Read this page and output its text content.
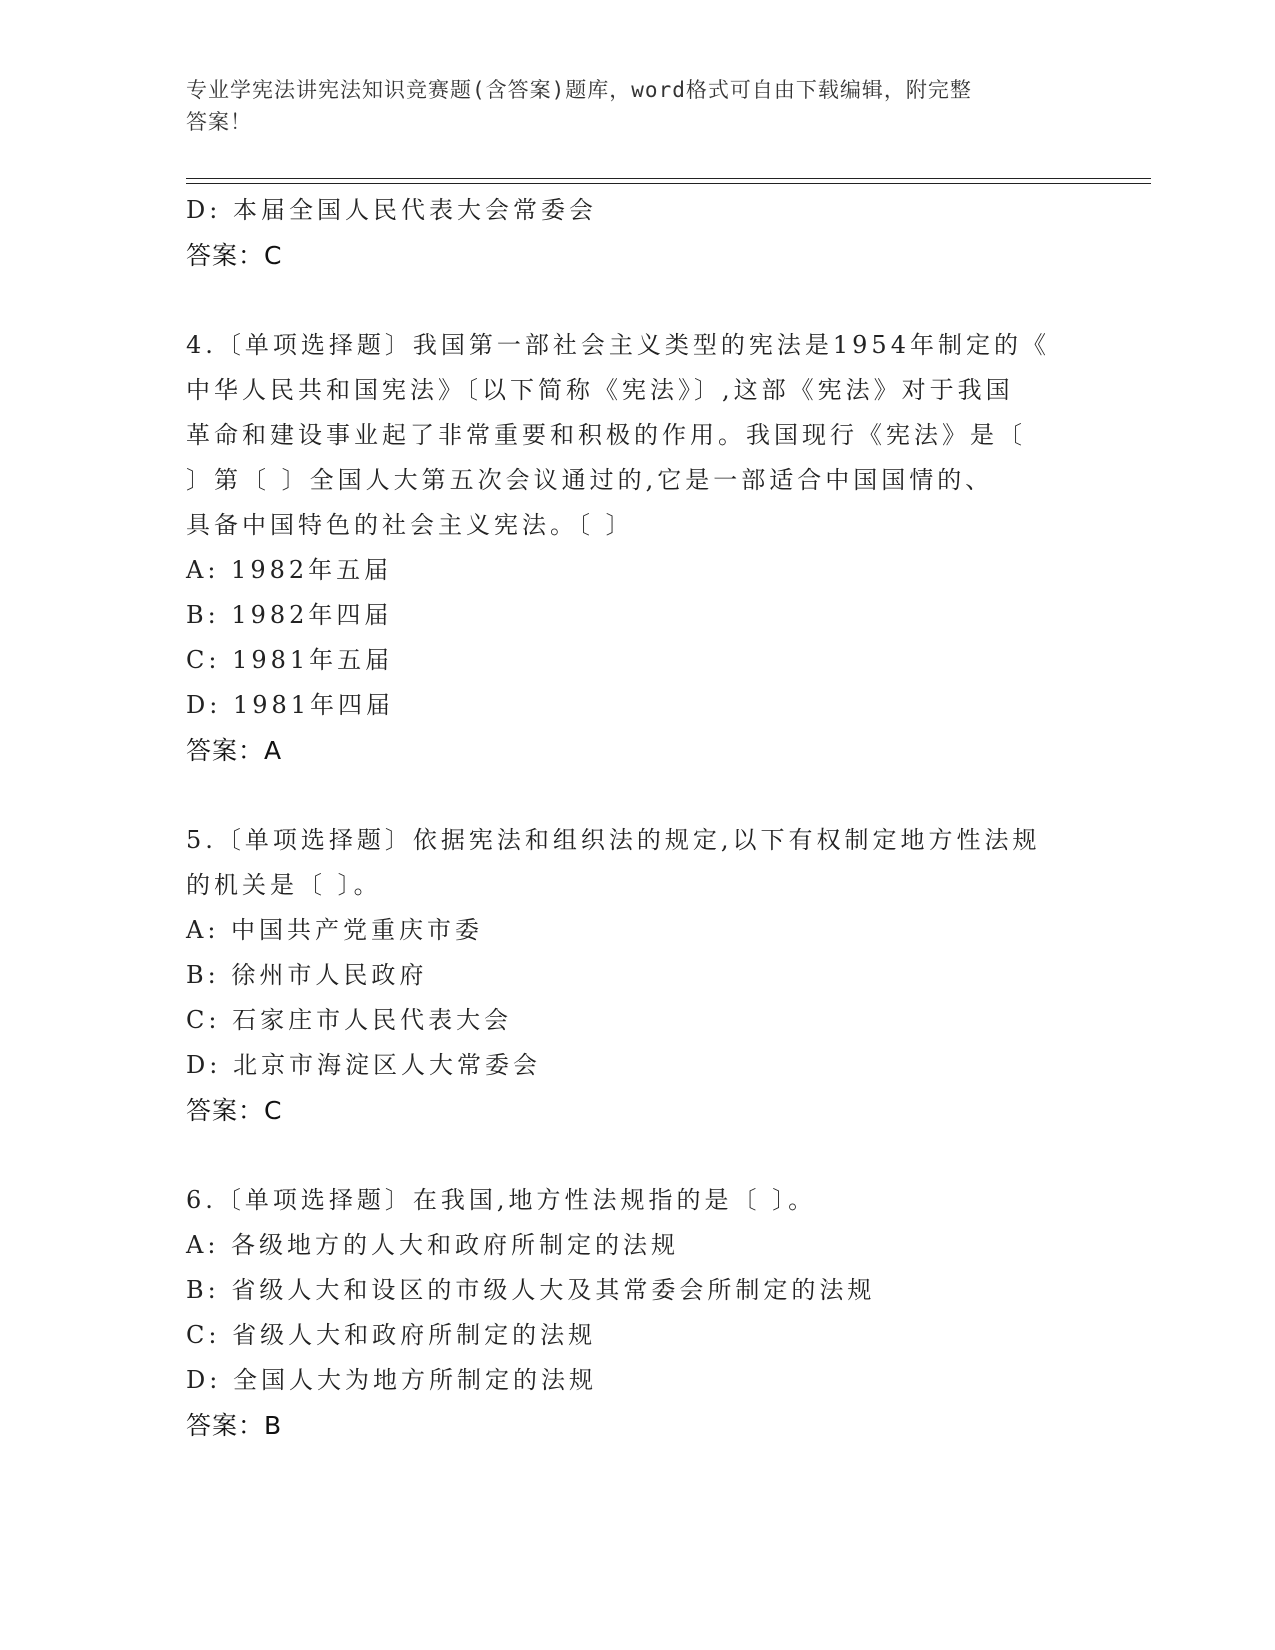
专业学宪法讲宪法知识竞赛题(含答案)题库，word格式可自由下载编辑，附完整
答案！
D: 本届全国人民代表大会常委会
答案：C
4.〔单项选择题〕我国第一部社会主义类型的宪法是1954年制定的《
中华人民共和国宪法》〔以下简称《宪法》〕,这部《宪法》对于我国
革命和建设事业起了非常重要和积极的作用。我国现行《宪法》是〔
〕第〔 〕全国人大第五次会议通过的,它是一部适合中国国情的、
具备中国特色的社会主义宪法。〔 〕
A: 1982年五届
B: 1982年四届
C: 1981年五届
D: 1981年四届
答案：A
5.〔单项选择题〕依据宪法和组织法的规定,以下有权制定地方性法规
的机关是〔 〕。
A: 中国共产党重庆市委
B: 徐州市人民政府
C: 石家庄市人民代表大会
D: 北京市海淀区人大常委会
答案：C
6.〔单项选择题〕在我国,地方性法规指的是〔 〕。
A: 各级地方的人大和政府所制定的法规
B: 省级人大和设区的市级人大及其常委会所制定的法规
C: 省级人大和政府所制定的法规
D: 全国人大为地方所制定的法规
答案：B
